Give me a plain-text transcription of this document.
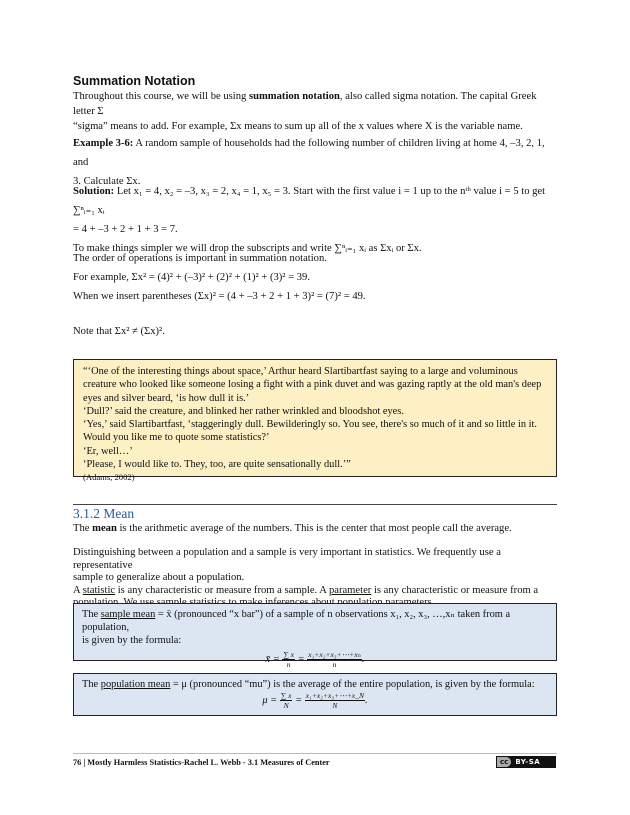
Summation Notation
Throughout this course, we will be using summation notation, also called sigma notation. The capital Greek letter Σ
“sigma” means to add. For example, Σx means to sum up all of the x values where X is the variable name.
Example 3-6: A random sample of households had the following number of children living at home 4, –3, 2, 1, and
3. Calculate Σx.
Solution: Let x₁ = 4, x₂ = –3, x₃ = 2, x₄ = 1, x₅ = 3. Start with the first value i = 1 up to the nᵗʰ value i = 5 to get ∑ⁿᵢ₌₁ xᵢ
= 4 + –3 + 2 + 1 + 3 = 7.
To make things simpler we will drop the subscripts and write ∑ⁿᵢ₌₁ xᵢ as Σxᵢ or Σx.
The order of operations is important in summation notation.
For example, Σx² = (4)² + (–3)² + (2)² + (1)² + (3)² = 39.
When we insert parentheses (Σx)² = (4 + –3 + 2 + 1 + 3)² = (7)² = 49.
Note that Σx² ≠ (Σx)².
“‘One of the interesting things about space,’ Arthur heard Slartibartfast saying to a large and voluminous
creature who looked like someone losing a fight with a pink duvet and was gazing raptly at the old man's deep
eyes and silver beard, ‘is how dull it is.’
‘Dull?’ said the creature, and blinked her rather wrinkled and bloodshot eyes.
‘Yes,’ said Slartibartfast, ‘staggeringly dull. Bewilderingly so. You see, there's so much of it and so little in it.
Would you like me to quote some statistics?’
‘Er, well…’
‘Please, I would like to. They, too, are quite sensationally dull.’”
(Adams, 2002)
3.1.2 Mean
The mean is the arithmetic average of the numbers. This is the center that most people call the average.
Distinguishing between a population and a sample is very important in statistics. We frequently use a representative
sample to generalize about a population.
A statistic is any characteristic or measure from a sample. A parameter is any characteristic or measure from a

The sample mean = x̄ (pronounced “x bar”) of a sample of n observations x₁, x₂, x₃, …,xₙ taken from a population,
is given by the formula:
x̄ = $\frac{\sum x}{n} = \frac{\text{x₁+x₂+x₃+⋯+xₙ}}{n}$ .
The population mean = μ (pronounced “mu”) is the average of the entire population, is given by the formula:
$\mu = \frac{\sum x}{N} = \frac{\text{x₁+x₂+x₃+⋯+x\_N}}{N}$ .
76 | Mostly Harmless Statistics-Rachel L. Webb - 3.1 Measures of Center	cc	BY-SA
